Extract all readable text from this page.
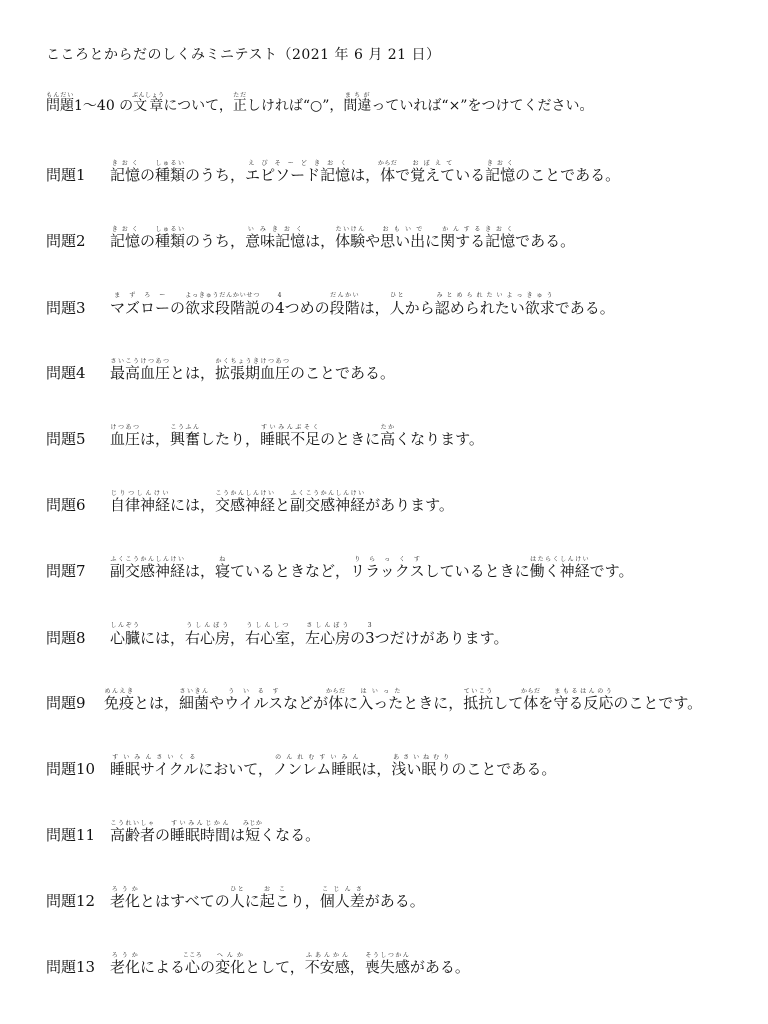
こころとからだのしくみミニテスト（2021 年 6 月 21 日）
問題もんだい1～40 の文章ぶんしょうについて，正ただしければ“○”，間違まちがっていれば“×”をつけてください。
問題1 記憶きおくの種類しゅるいのうち，エピソード記憶えぴそーどきおくは，体からだで覚えておぼえている記憶きおくのことである。
問題2 記憶きおくの種類しゅるいのうち，意味記憶いみきおくは，体験たいけんや思い出おもいでに関する記憶かんするきおくである。
問題3 マズローまずろーの欲求段階説よっきゅうだんかいせつの44つめの段階だんかいは，人ひとから認められたい欲求みとめられたいよっきゅうである。
問題4 最高血圧さいこうけつあつとは，拡張期血圧かくちょうきけつあつのことである。
問題5 血圧けつあつは，興奮こうふんしたり，睡眠不足すいみんぶそくのときに高たかくなります。
問題6 自律神経じりつしんけいには，交感神経こうかんしんけいと副交感神経ふくこうかんしんけいがあります。
問題7 副交感神経ふくこうかんしんけいは，寝ねているときなど，リラックスりらっくすしているときに働く神経はたらくしんけいです。
問題8 心臓しんぞうには，右心房うしんぼう，右心室うしんしつ，左心房さしんぼうの33つだけがあります。
問題9 免疫めんえきとは，細菌さいきんやウイルスういるすなどが体からだに入ったはいったときに，抵抗ていこうして体からだを守る反応まもるはんのうのことです。
問題10 睡眠サイクルすいみんさいくるにおいて，ノンレム睡眠のんれむすいみんは，浅い眠りあさいねむりのことである。
問題11 高齢者こうれいしゃの睡眠時間すいみんじかんは短みじかくなる。
問題12 老化ろうかとはすべての人ひとに起こおこり，個人差こじんさがある。
問題13 老化ろうかによる心こころの変化へんかとして，不安感ふあんかん，喪失感そうしつかんがある。
